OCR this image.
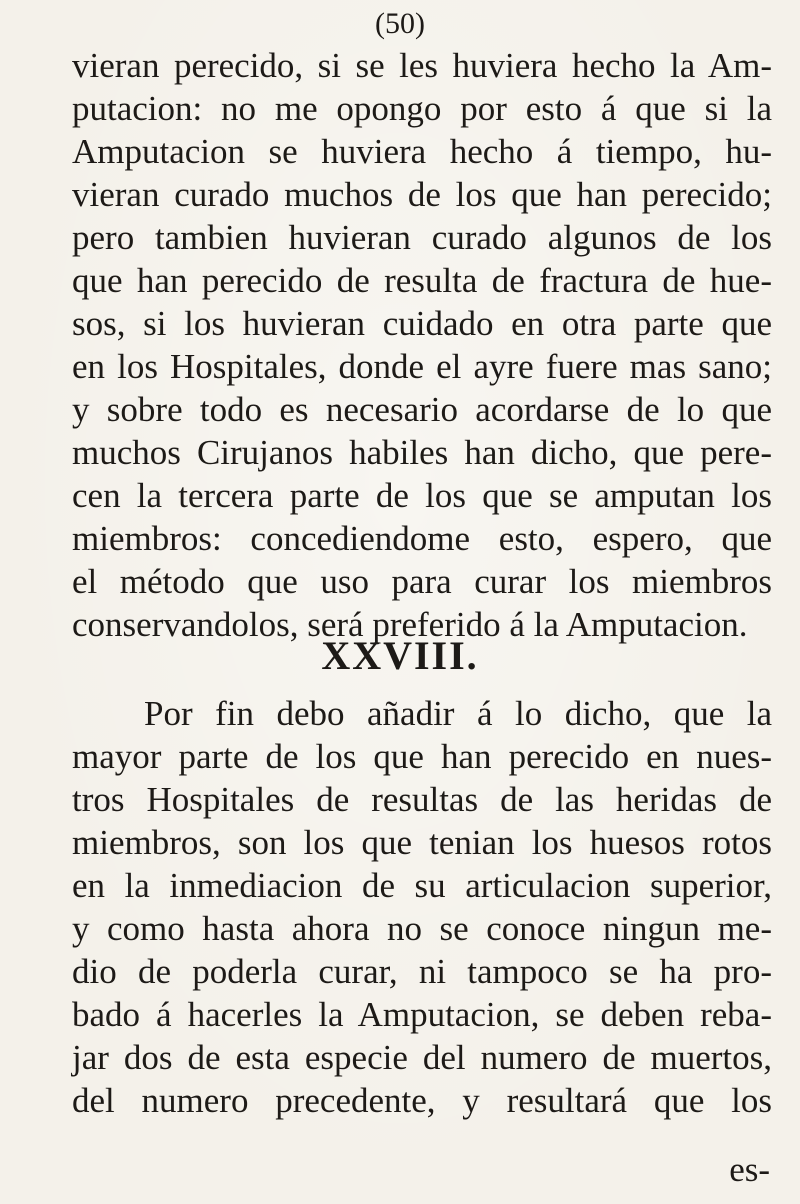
(50)
vieran perecido, si se les huviera hecho la Am-
putacion: no me opongo por esto á que si la
Amputacion se huviera hecho á tiempo, hu-
vieran curado muchos de los que han perecido;
pero tambien huvieran curado algunos de los
que han perecido de resulta de fractura de hue-
sos, si los huvieran cuidado en otra parte que
en los Hospitales, donde el ayre fuere mas sano;
y sobre todo es necesario acordarse de lo que
muchos Cirujanos habiles han dicho, que pere-
cen la tercera parte de los que se amputan los
miembros: concediendome esto, espero, que
el método que uso para curar los miembros
conservandolos, será preferido á la Amputacion.
XXVIII.
Por fin debo añadir á lo dicho, que la
mayor parte de los que han perecido en nues-
tros Hospitales de resultas de las heridas de
miembros, son los que tenian los huesos rotos
en la inmediacion de su articulacion superior,
y como hasta ahora no se conoce ningun me-
dio de poderla curar, ni tampoco se ha pro-
bado á hacerles la Amputacion, se deben reba-
jar dos de esta especie del numero de muertos,
del numero precedente, y resultará que los
es-
